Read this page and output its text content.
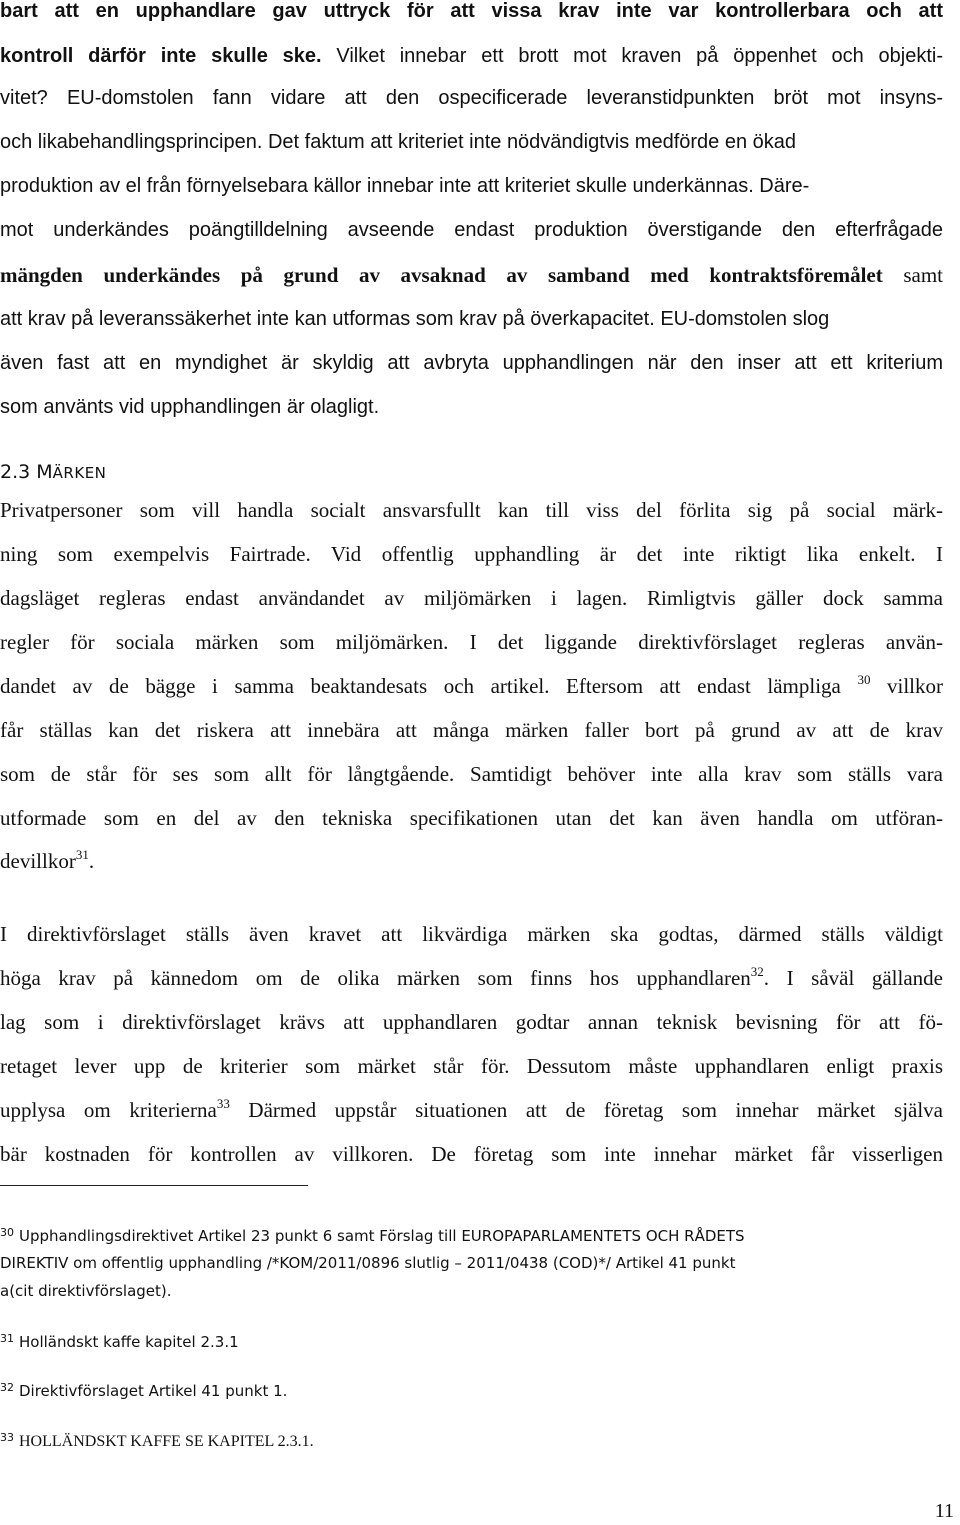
bart att en upphandlare gav uttryck för att vissa krav inte var kontrollerbara och att
kontroll därför inte skulle ske. Vilket innebar ett brott mot kraven på öppenhet och objekti-
vitet? EU-domstolen fann vidare att den ospecificerade leveranstidpunkten bröt mot insyns-
och likabehandlingsprincipen. Det faktum att kriteriet inte nödvändigtvis medförde en ökad
produktion av el från förnyelsebara källor innebar inte att kriteriet skulle underkännas. Däre-
mot underkändes poängtilldelning avseende endast produktion överstigande den efterfrågade
mängden underkändes på grund av avsaknad av samband med kontraktsföremålet samt
att krav på leveranssäkerhet inte kan utformas som krav på överkapacitet. EU-domstolen slog
även fast att en myndighet är skyldig att avbryta upphandlingen när den inser att ett kriterium
som använts vid upphandlingen är olagligt.
2.3 MÄRKEN
Privatpersoner som vill handla socialt ansvarsfullt kan till viss del förlita sig på social märk-
ning som exempelvis Fairtrade. Vid offentlig upphandling är det inte riktigt lika enkelt. I
dagsläget regleras endast användandet av miljömärken i lagen. Rimligtvis gäller dock samma
regler för sociala märken som miljömärken. I det liggande direktivförslaget regleras använ-
dandet av de bägge i samma beaktandesats och artikel. Eftersom att endast lämpliga $^{30}$ villkor
får ställas kan det riskera att innebära att många märken faller bort på grund av att de krav
som de står för ses som allt för långtgående. Samtidigt behöver inte alla krav som ställs vara
utformade som en del av den tekniska specifikationen utan det kan även handla om utföran-
devillkor$^{31}$.
I direktivförslaget ställs även kravet att likvärdiga märken ska godtas, därmed ställs väldigt
höga krav på kännedom om de olika märken som finns hos upphandlaren$^{32}$. I såväl gällande
lag som i direktivförslaget krävs att upphandlaren godtar annan teknisk bevisning för att fö-
retaget lever upp de kriterier som märket står för. Dessutom måste upphandlaren enligt praxis
upplysa om kriterierna$^{33}$ Därmed uppstår situationen att de företag som innehar märket själva
bär kostnaden för kontrollen av villkoren. De företag som inte innehar märket får visserligen
$^{30}$ Upphandlingsdirektivet Artikel 23 punkt 6 samt Förslag till EUROPAPARLAMENTETS OCH RÅDETS
DIREKTIV om offentlig upphandling /*KOM/2011/0896 slutlig – 2011/0438 (COD)*/ Artikel 41 punkt
a(cit direktivförslaget).
$^{31}$ Holländskt kaffe kapitel 2.3.1
$^{32}$ Direktivförslaget Artikel 41 punkt 1.
$^{33}$ HOLLÄNDSKT KAFFE SE KAPITEL 2.3.1.
11
